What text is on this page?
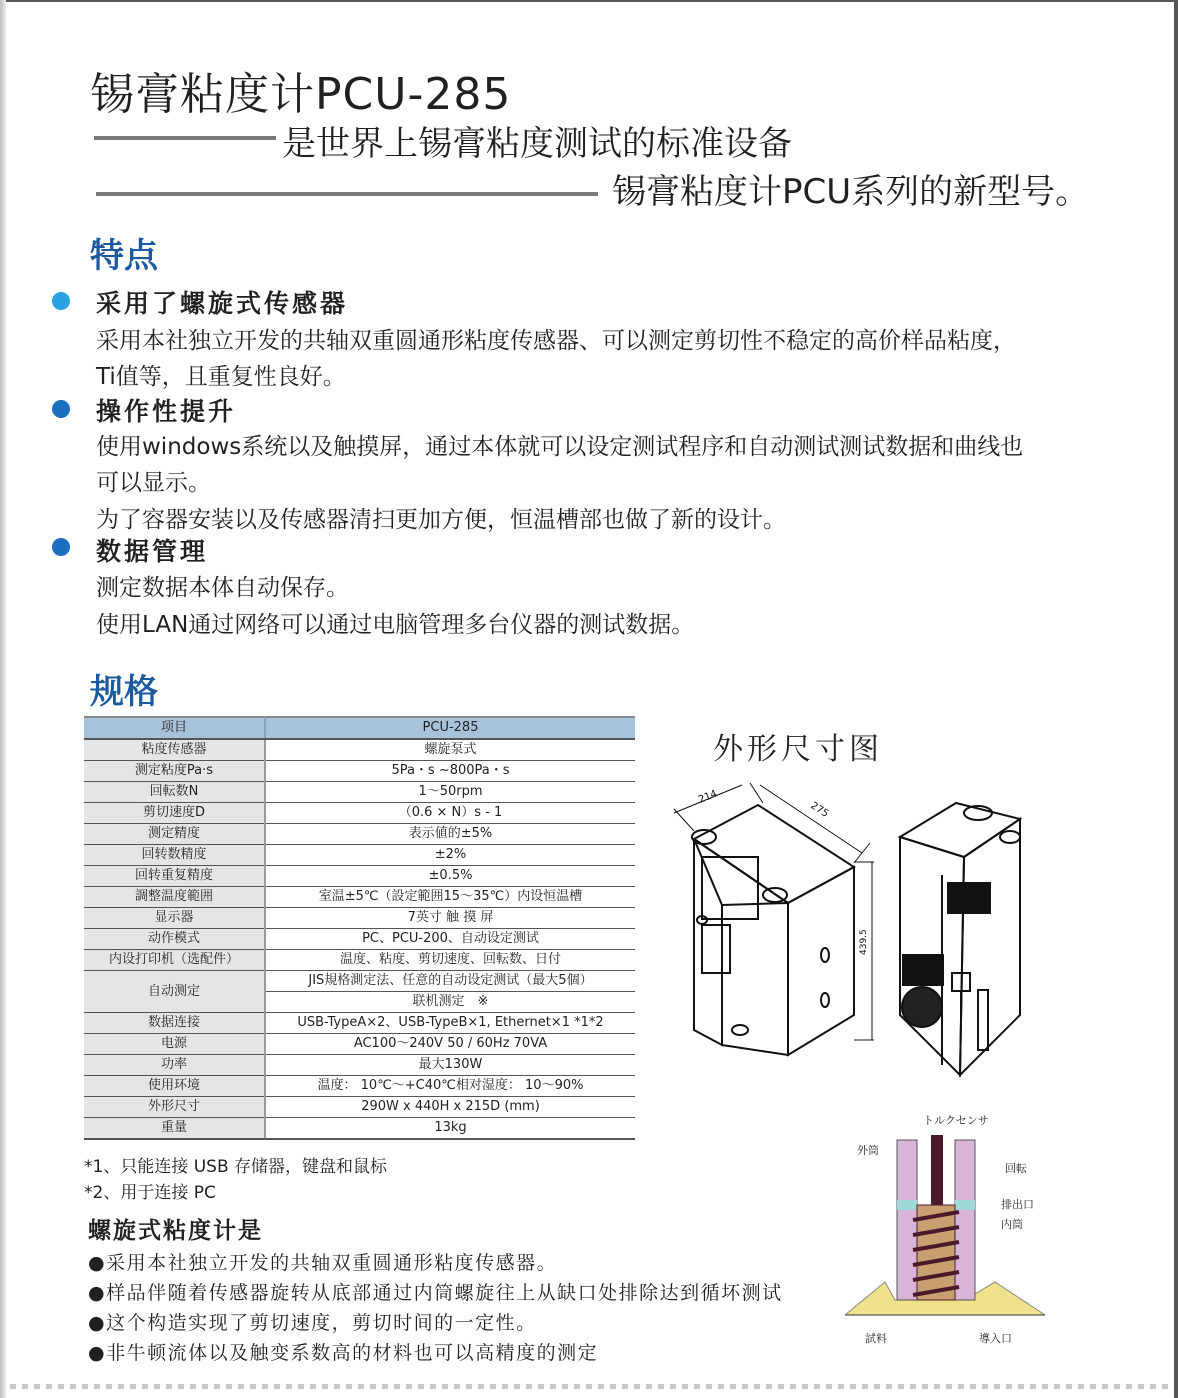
锡膏粘度计PCU-285
是世界上锡膏粘度测试的标准设备
锡膏粘度计PCU系列的新型号。
特点
采用了螺旋式传感器
采用本社独立开发的共轴双重圆通形粘度传感器、可以测定剪切性不稳定的高价样品粘度，
Ti值等，且重复性良好。
操作性提升
使用windows系统以及触摸屏，通过本体就可以设定测试程序和自动测试测试数据和曲线也
可以显示。
为了容器安装以及传感器清扫更加方便，恒温槽部也做了新的设计。
数据管理
测定数据本体自动保存。
使用LAN通过网络可以通过电脑管理多台仪器的测试数据。
规格
项目	PCU-285
粘度传感器	螺旋泵式
测定粘度Pa·s	5Pa・s ~800Pa・s
回転数N	1～50rpm
剪切速度D	（0.6 × N）s - 1
测定精度	表示値的±5%
回转数精度	±2%
回转重复精度	±0.5%
調整温度範囲	室温±5℃（設定範囲15～35℃）内设恒温槽
显示器	7英寸 触 摸 屏
动作模式	PC、PCU-200、自动设定测试
内设打印机（选配件）	温度、粘度、剪切速度、回転数、日付
自动测定	JIS規格測定法、任意的自动设定测试（最大5個）
	联机测定　※
数据连接	USB-TypeA×2、USB-TypeB×1, Ethernet×1 *1*2
电源	AC100～240V 50 / 60Hz 70VA
功率	最大130W
使用环境	温度： 10℃～+C40℃相对湿度： 10～90%
外形尺寸	290W x 440H x 215D (mm)
重量	13kg
*1、只能连接 USB 存储器，键盘和鼠标
*2、用于连接 PC
外形尺寸图
214
275
439.5
トルクセンサ
外筒
回転
排出口
内筒
試料	導入口
螺旋式粘度计是
●采用本社独立开发的共轴双重圆通形粘度传感器。
●样品伴随着传感器旋转从底部通过内筒螺旋往上从缺口处排除达到循坏测试
●这个构造实现了剪切速度，剪切时间的一定性。
●非牛顿流体以及触变系数高的材料也可以高精度的测定
